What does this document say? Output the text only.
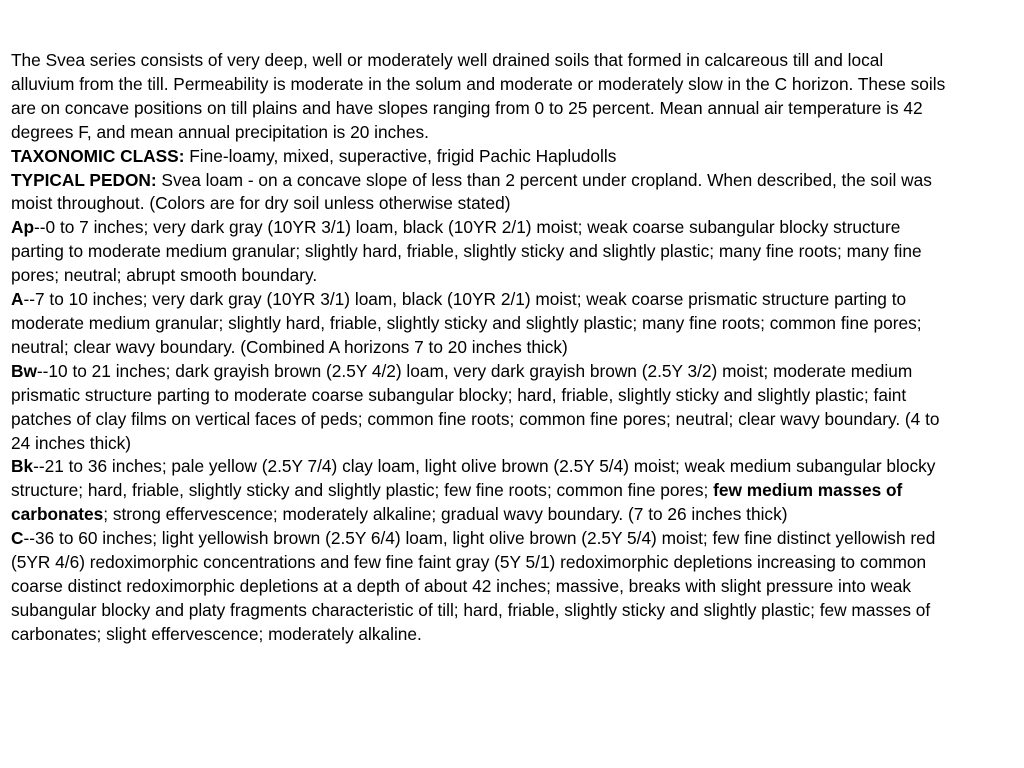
The Svea series consists of very deep, well or moderately well drained soils that formed in calcareous till and local alluvium from the till. Permeability is moderate in the solum and moderate or moderately slow in the C horizon. These soils are on concave positions on till plains and have slopes ranging from 0 to 25 percent. Mean annual air temperature is 42 degrees F, and mean annual precipitation is 20 inches.

TAXONOMIC CLASS: Fine-loamy, mixed, superactive, frigid Pachic Hapludolls

TYPICAL PEDON: Svea loam - on a concave slope of less than 2 percent under cropland. When described, the soil was moist throughout. (Colors are for dry soil unless otherwise stated)

Ap--0 to 7 inches; very dark gray (10YR 3/1) loam, black (10YR 2/1) moist; weak coarse subangular blocky structure parting to moderate medium granular; slightly hard, friable, slightly sticky and slightly plastic; many fine roots; many fine pores; neutral; abrupt smooth boundary.

A--7 to 10 inches; very dark gray (10YR 3/1) loam, black (10YR 2/1) moist; weak coarse prismatic structure parting to moderate medium granular; slightly hard, friable, slightly sticky and slightly plastic; many fine roots; common fine pores; neutral; clear wavy boundary. (Combined A horizons 7 to 20 inches thick)

Bw--10 to 21 inches; dark grayish brown (2.5Y 4/2) loam, very dark grayish brown (2.5Y 3/2) moist; moderate medium prismatic structure parting to moderate coarse subangular blocky; hard, friable, slightly sticky and slightly plastic; faint patches of clay films on vertical faces of peds; common fine roots; common fine pores; neutral; clear wavy boundary. (4 to 24 inches thick)

Bk--21 to 36 inches; pale yellow (2.5Y 7/4) clay loam, light olive brown (2.5Y 5/4) moist; weak medium subangular blocky structure; hard, friable, slightly sticky and slightly plastic; few fine roots; common fine pores; few medium masses of carbonates; strong effervescence; moderately alkaline; gradual wavy boundary. (7 to 26 inches thick)

C--36 to 60 inches; light yellowish brown (2.5Y 6/4) loam, light olive brown (2.5Y 5/4) moist; few fine distinct yellowish red (5YR 4/6) redoximorphic concentrations and few fine faint gray (5Y 5/1) redoximorphic depletions increasing to common coarse distinct redoximorphic depletions at a depth of about 42 inches; massive, breaks with slight pressure into weak subangular blocky and platy fragments characteristic of till; hard, friable, slightly sticky and slightly plastic; few masses of carbonates; slight effervescence; moderately alkaline.
